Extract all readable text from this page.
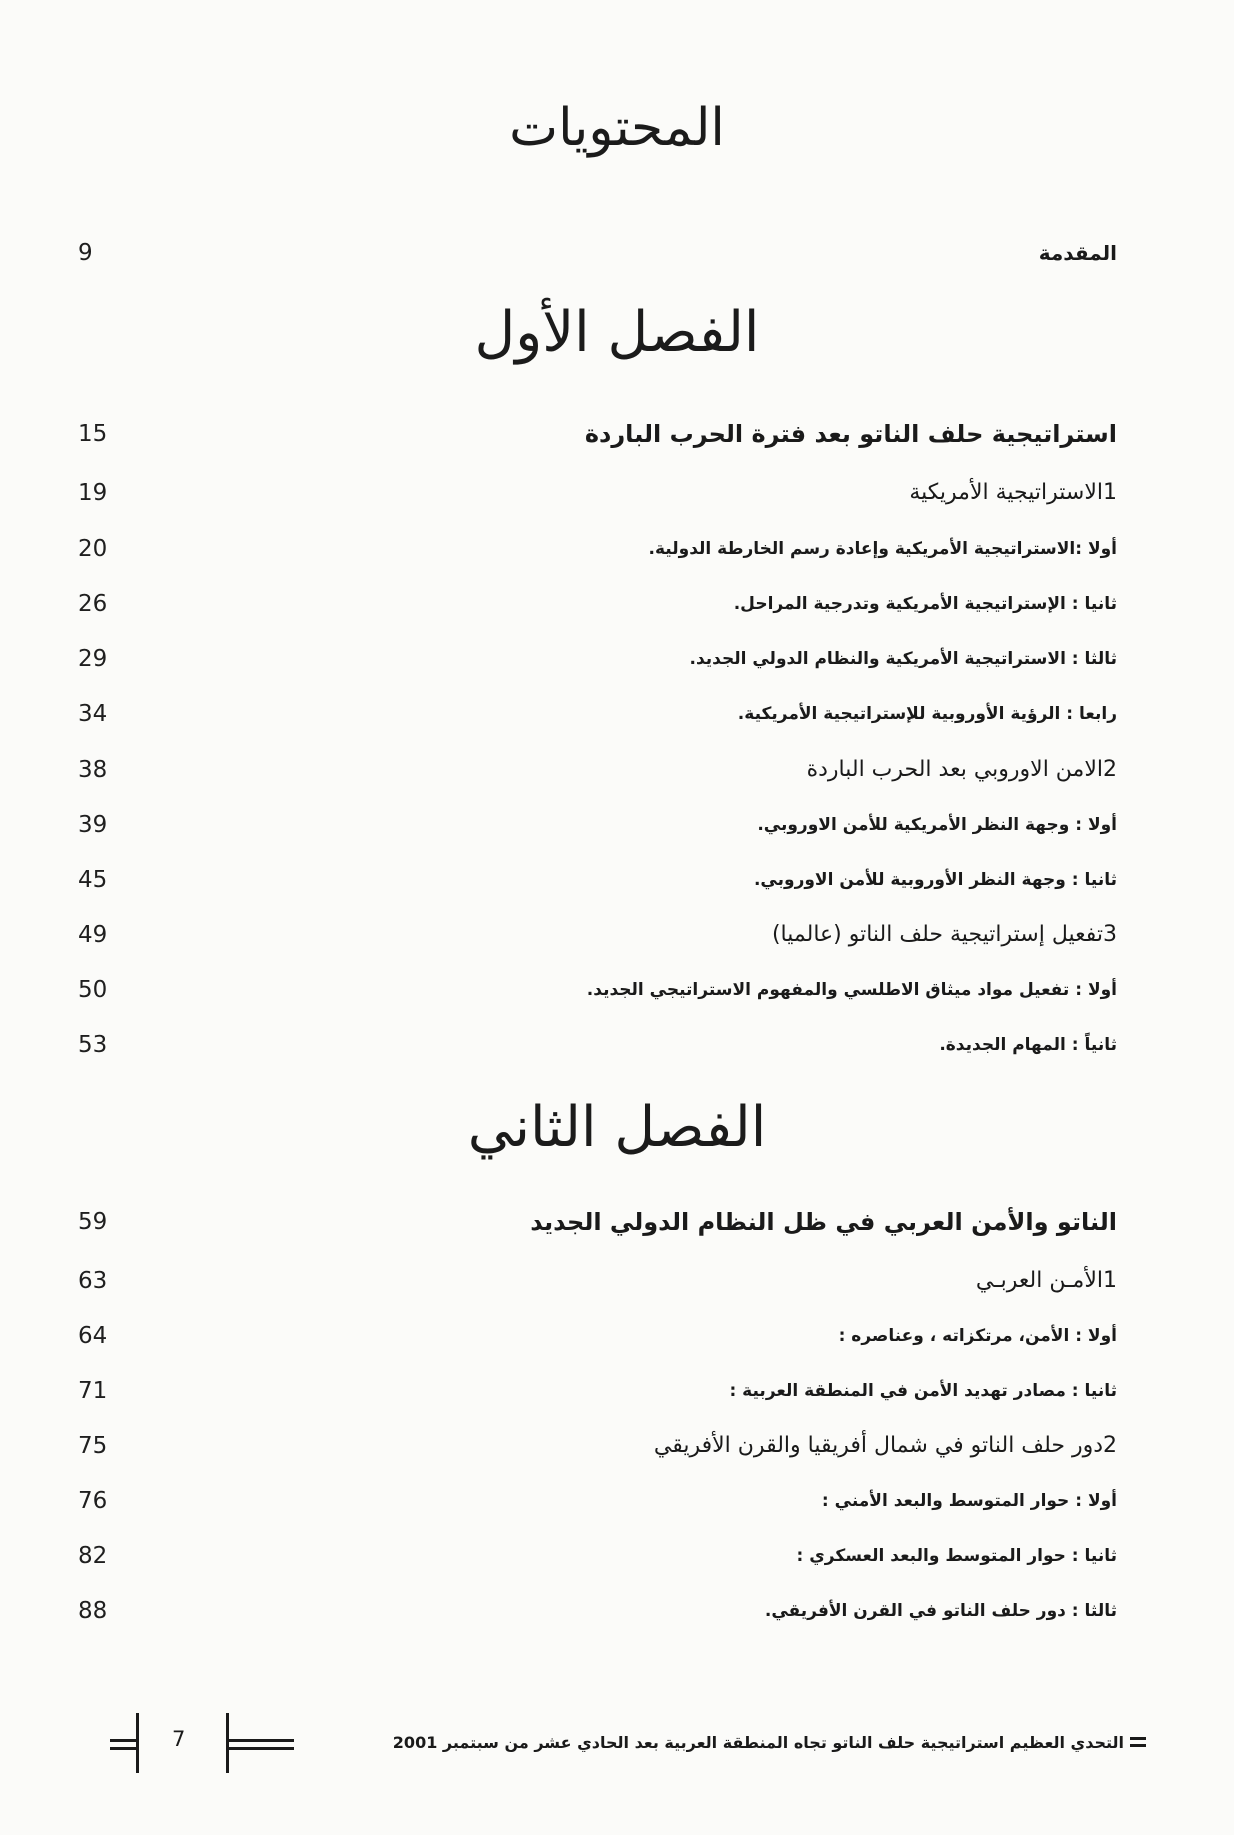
المحتويات
المقدمة
9
الفصل الأول
استراتيجية حلف الناتو بعد فترة الحرب الباردة
15
1الاستراتيجية الأمريكية
19
أولا :الاستراتيجية الأمريكية وإعادة رسم الخارطة الدولية.
20
ثانيا : الإستراتيجية الأمريكية وتدرجية المراحل.
26
ثالثا : الاستراتيجية الأمريكية والنظام الدولي الجديد.
29
رابعا : الرؤية الأوروبية للإستراتيجية الأمريكية.
34
2الامن الاوروبي بعد الحرب الباردة
38
أولا : وجهة النظر الأمريكية للأمن الاوروبي.
39
ثانيا : وجهة النظر الأوروبية للأمن الاوروبي.
45
3تفعيل إستراتيجية حلف الناتو (عالميا)
49
أولا : تفعيل مواد ميثاق الاطلسي والمفهوم الاستراتيجي الجديد.
50
ثانياً : المهام الجديدة.
53
الفصل الثاني
الناتو والأمن العربي في ظل النظام الدولي الجديد
59
1الأمـن العربـي
63
أولا : الأمن، مرتكزاته ، وعناصره :
64
ثانيا : مصادر تهديد الأمن في المنطقة العربية :
71
2دور حلف الناتو في شمال أفريقيا والقرن الأفريقي
75
أولا : حوار المتوسط والبعد الأمني :
76
ثانيا : حوار المتوسط والبعد العسكري :
82
ثالثا : دور حلف الناتو في القرن الأفريقي.
88
7	التحدي العظيم استراتيجية حلف الناتو تجاه المنطقة العربية بعد الحادي عشر من سبتمبر 2001
